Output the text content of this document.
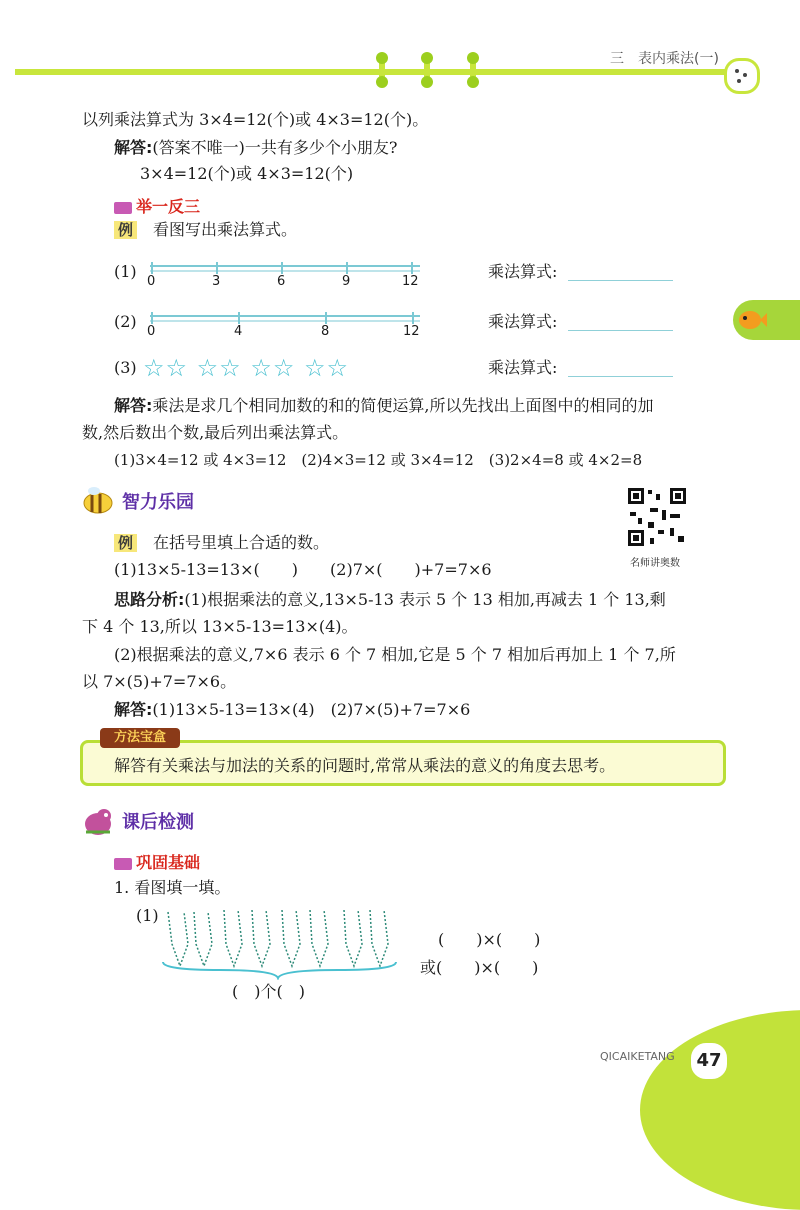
三　表内乘法(一)
以列乘法算式为 3×4=12(个)或 4×3=12(个)。
解答:(答案不唯一)一共有多少个小朋友?
3×4=12(个)或 4×3=12(个)
举一反三
例　 看图写出乘法算式。
(1)
0	3	6	9	12
乘法算式:
(2)
0	4	8	12
乘法算式:
(3) ☆☆ ☆☆ ☆☆ ☆☆	乘法算式:
解答:乘法是求几个相同加数的和的简便运算,所以先找出上面图中的相同的加
数,然后数出个数,最后列出乘法算式。
(1)3×4=12 或 4×3=12　(2)4×3=12 或 3×4=12　(3)2×4=8 或 4×2=8
智力乐园
名师讲奥数
例　 在括号里填上合适的数。
(1)13×5-13=13×(　　)　　(2)7×(　　)+7=7×6
思路分析:(1)根据乘法的意义,13×5-13 表示 5 个 13 相加,再减去 1 个 13,剩
下 4 个 13,所以 13×5-13=13×(4)。
(2)根据乘法的意义,7×6 表示 6 个 7 相加,它是 5 个 7 相加后再加上 1 个 7,所
以 7×(5)+7=7×6。
解答:(1)13×5-13=13×(4)　(2)7×(5)+7=7×6
方法宝盒
解答有关乘法与加法的关系的问题时,常常从乘法的意义的角度去思考。
课后检测
巩固基础
1. 看图填一填。
(1)
(　)个(　)
(　　)×(　　)
或(　　)×(　　)
QICAIKETANG	47
